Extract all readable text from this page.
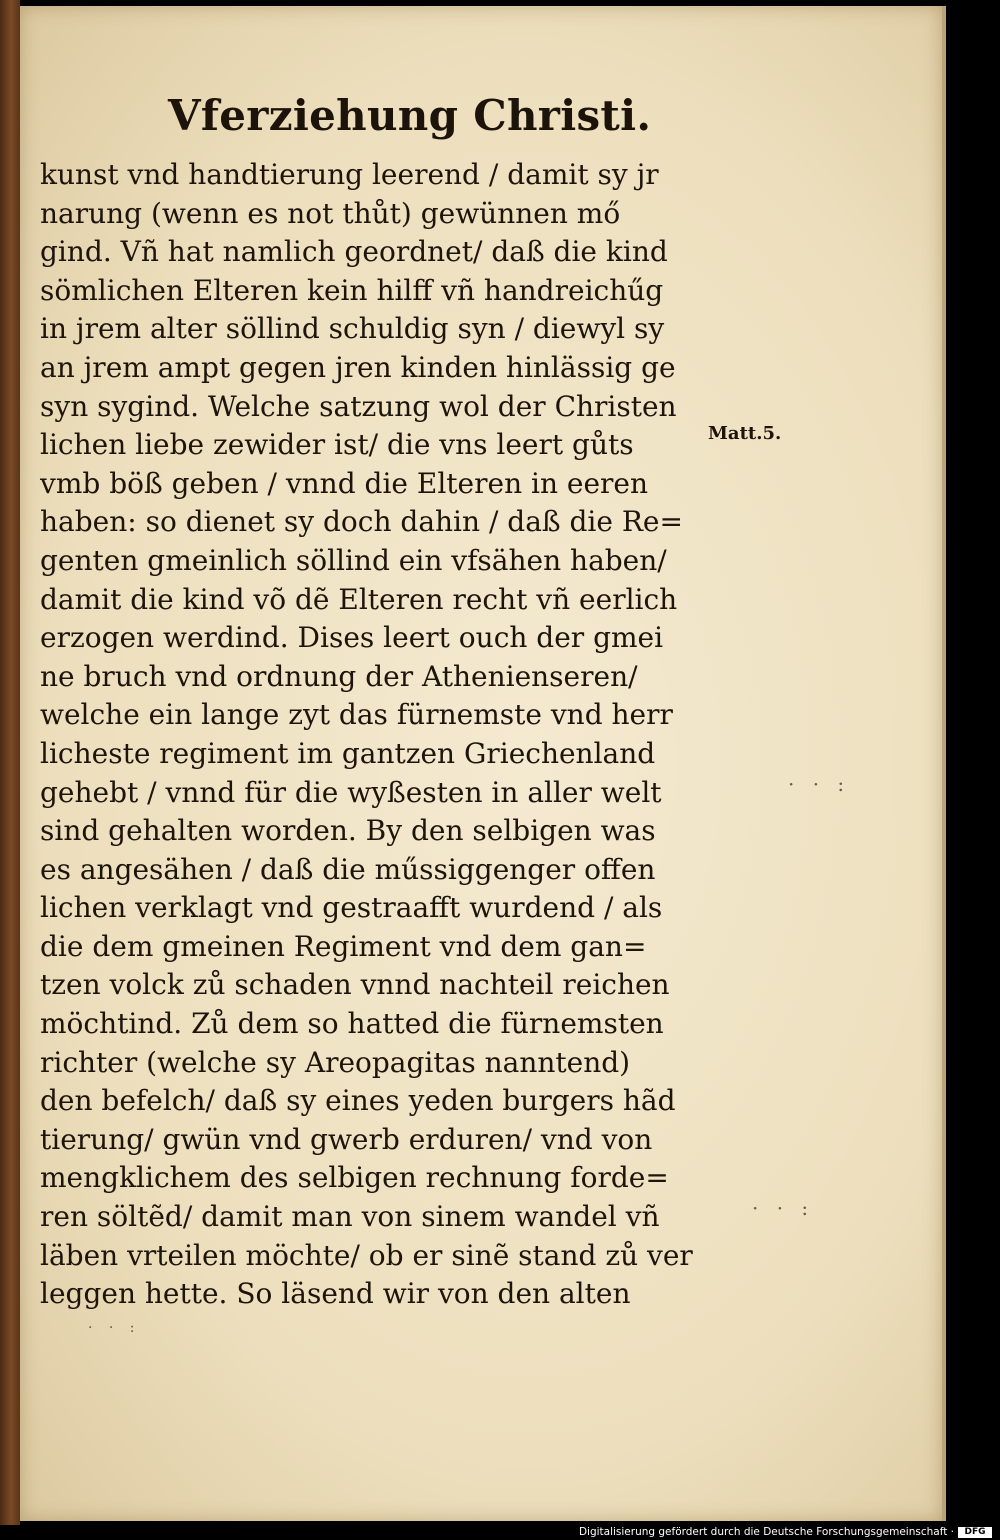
Vferziehung Christi.
kunst vnd handtierung leerend / damit sy jr
narung (wenn es not thůt) gewünnen mő
gind. Vñ hat namlich geordnet/ daß die kind
sömlichen Elteren kein hilff vñ handreichűg
in jrem alter söllind schuldig syn / diewyl sy
an jrem ampt gegen jren kinden hinlässig ge
syn sygind. Welche satzung wol der Christen
lichen liebe zewider ist/ die vns leert gůts
vmb böß geben / vnnd die Elteren in eeren
haben: so dienet sy doch dahin / daß die Re=
genten gmeinlich söllind ein vfsähen haben/
damit die kind võ dẽ Elteren recht vñ eerlich
erzogen werdind. Dises leert ouch der gmei
ne bruch vnd ordnung der Athenienseren/
welche ein lange zyt das fürnemste vnd herr
licheste regiment im gantzen Griechenland
gehebt / vnnd für die wyßesten in aller welt
sind gehalten worden. By den selbigen was
es angesähen / daß die műssiggenger offen
lichen verklagt vnd gestraafft wurdend / als
die dem gmeinen Regiment vnd dem gan=
tzen volck zů schaden vnnd nachteil reichen
möchtind. Zů dem so hatted die fürnemsten
richter (welche sy Areopagitas nanntend)
den befelch/ daß sy eines yeden burgers hãd
tierung/ gwün vnd gwerb erduren/ vnd von
mengklichem des selbigen rechnung forde=
ren söltẽd/ damit man von sinem wandel vñ
läben vrteilen möchte/ ob er sinẽ stand zů ver
leggen hette. So läsend wir von den alten
Matt.5.
· · :
· · :
· · :
Digitalisierung gefördert durch die Deutsche Forschungsgemeinschaft ·	DFG
